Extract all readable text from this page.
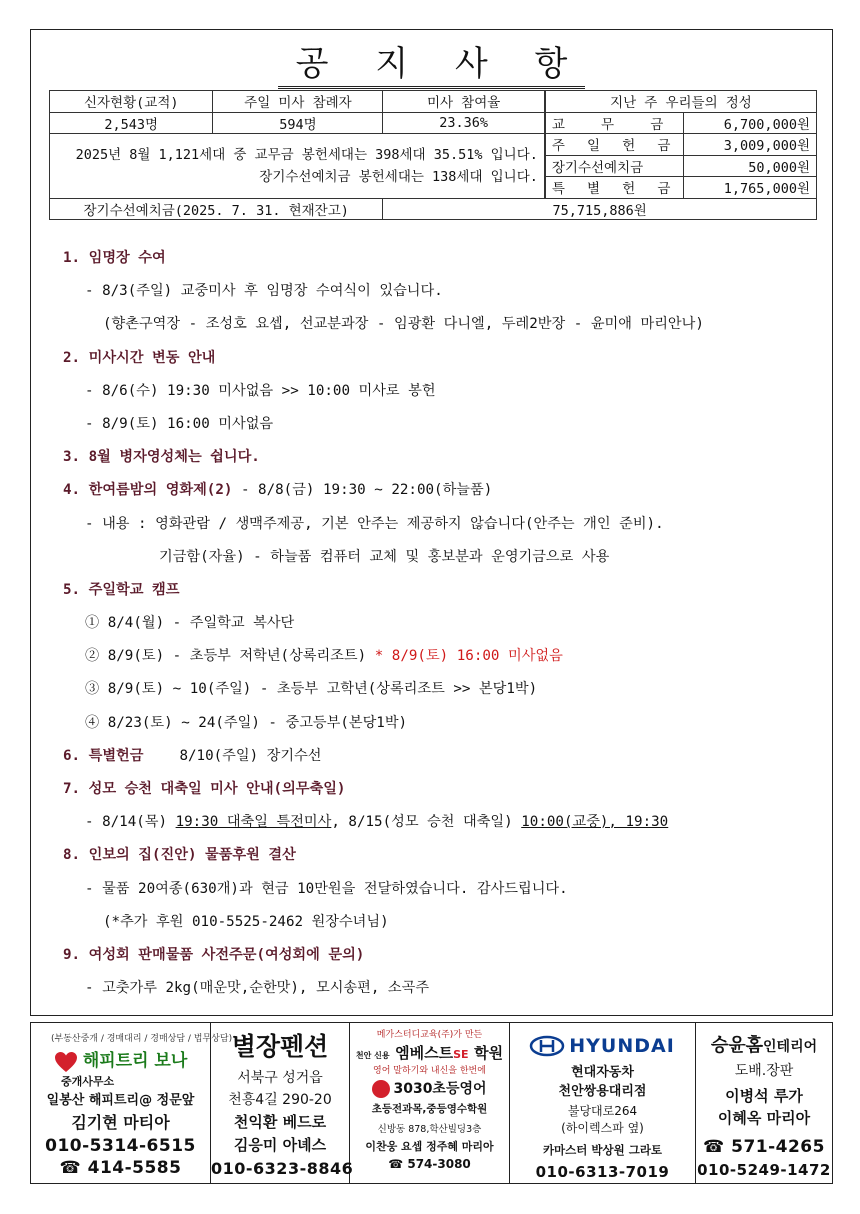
공 지 사 항
신자현황(교적)	주일 미사 참례자	미사 참여율	지난 주 우리들의 정성	
2,543명	594명	23.36%	교 무 금	6,700,000원

2025년 8월 1,121세대 중 교무금 봉헌세대는 398세대 35.51% 입니다.
장기수선예치금 봉헌세대는 138세대 입니다.			주 일 헌 금	3,009,000원
			장기수선예치금	50,000원
			특 별 헌 금	1,765,000원
장기수선예치금(2025. 7. 31. 현재잔고)		75,715,886원		
1. 임명장 수여
- 8/3(주일) 교중미사 후 임명장 수여식이 있습니다.
(향촌구역장 - 조성호 요셉, 선교분과장 - 임광환 다니엘, 두레2반장 - 윤미애 마리안나)
2. 미사시간 변동 안내
- 8/6(수) 19:30 미사없음 >> 10:00 미사로 봉헌
- 8/9(토) 16:00 미사없음
3. 8월 병자영성체는 쉽니다.
4. 한여름밤의 영화제(2) - 8/8(금) 19:30 ~ 22:00(하늘품)
- 내용 : 영화관람 / 생맥주제공, 기본 안주는 제공하지 않습니다(안주는 개인 준비).
기금함(자율) - 하늘품 컴퓨터 교체 및 홍보분과 운영기금으로 사용
5. 주일학교 캠프
① 8/4(월) - 주일학교 복사단
② 8/9(토) - 초등부 저학년(상록리조트) * 8/9(토) 16:00 미사없음
③ 8/9(토) ~ 10(주일) - 초등부 고학년(상록리조트 >> 본당1박)
④ 8/23(토) ~ 24(주일) - 중고등부(본당1박)
6. 특별헌금	8/10(주일) 장기수선
7. 성모 승천 대축일 미사 안내(의무축일)
- 8/14(목) 19:30 대축일 특전미사, 8/15(성모 승천 대축일) 10:00(교중), 19:30
8. 인보의 집(진안) 물품후원 결산
- 물품 20여종(630개)과 현금 10만원을 전달하였습니다. 감사드립니다.
(*추가 후원 010-5525-2462 원장수녀님)
9. 여성회 판매물품 사전주문(여성회에 문의)
- 고춧가루 2kg(매운맛,순한맛), 모시송편, 소곡주
(부동산중개 / 경매대리 / 경매상담 / 법무상담)
해피트리 보나
중개사무소
일봉산 해피트리@ 정문앞
김기현 마티아
010-5314-6515
☎ 414-5585
별장펜션
서북구 성거읍
천흥4길 290-20
천익환 베드로
김응미 아녜스
010-6323-8846
메가스터디교육(주)가 만든
천안 신용 엠베스트SE 학원
영어 말하기와 내신을 한번에
3030초등영어
초등전과목,중등영수학원
신방동 878,학산빌딩3층
이찬웅 요셉 정주혜 마리아
☎ 574-3080
HYUNDAI
현대자동차
천안쌍용대리점
불당대로264
(하이렉스파 옆)
카마스터 박상원 그라토
010-6313-7019
승윤홈인테리어
도배.장판
이병석 루가
이혜옥 마리아
☎ 571-4265
010-5249-1472
